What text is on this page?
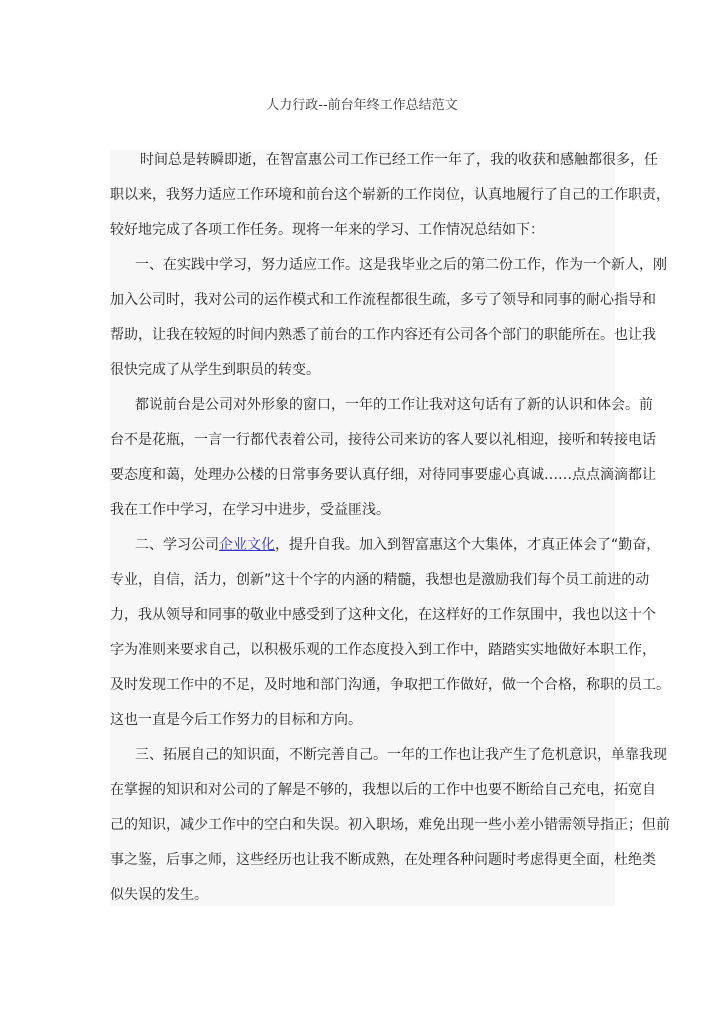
人力行政--前台年终工作总结范文
时间总是转瞬即逝，在智富惠公司工作已经工作一年了，我的收获和感触都很多，任
职以来，我努力适应工作环境和前台这个崭新的工作岗位，认真地履行了自己的工作职责，
较好地完成了各项工作任务。现将一年来的学习、工作情况总结如下：
一、在实践中学习，努力适应工作。这是我毕业之后的第二份工作，作为一个新人，刚
加入公司时，我对公司的运作模式和工作流程都很生疏，多亏了领导和同事的耐心指导和
帮助，让我在较短的时间内熟悉了前台的工作内容还有公司各个部门的职能所在。也让我
很快完成了从学生到职员的转变。
都说前台是公司对外形象的窗口，一年的工作让我对这句话有了新的认识和体会。前
台不是花瓶，一言一行都代表着公司，接待公司来访的客人要以礼相迎，接听和转接电话
要态度和蔼，处理办公楼的日常事务要认真仔细，对待同事要虚心真诚……点点滴滴都让
我在工作中学习，在学习中进步，受益匪浅。
二、学习公司企业文化，提升自我。加入到智富惠这个大集体，才真正体会了“勤奋，
专业，自信，活力，创新”这十个字的内涵的精髓，我想也是激励我们每个员工前进的动
力，我从领导和同事的敬业中感受到了这种文化，在这样好的工作氛围中，我也以这十个
字为准则来要求自己，以积极乐观的工作态度投入到工作中，踏踏实实地做好本职工作，
及时发现工作中的不足，及时地和部门沟通，争取把工作做好，做一个合格，称职的员工。
这也一直是今后工作努力的目标和方向。
三、拓展自己的知识面，不断完善自己。一年的工作也让我产生了危机意识，单靠我现
在掌握的知识和对公司的了解是不够的，我想以后的工作中也要不断给自己充电，拓宽自
己的知识，减少工作中的空白和失误。初入职场，难免出现一些小差小错需领导指正；但前
事之鉴，后事之师，这些经历也让我不断成熟，在处理各种问题时考虑得更全面，杜绝类
似失误的发生。
